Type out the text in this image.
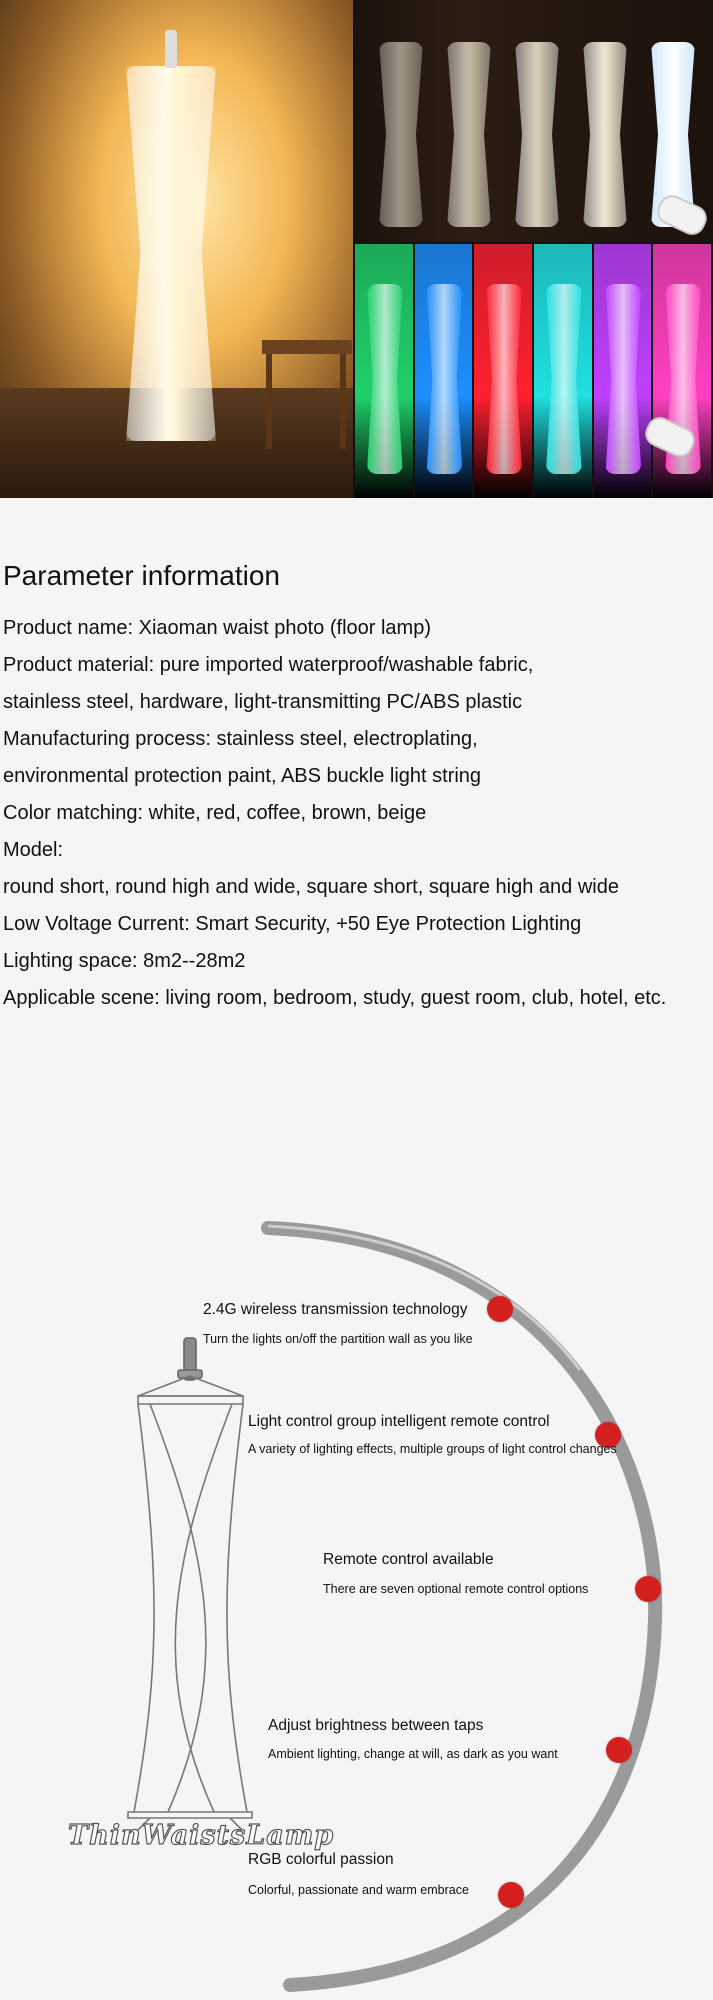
Parameter information

Product name: Xiaoman waist photo (floor lamp)

Product material: pure imported waterproof/washable fabric,

stainless steel, hardware, light-transmitting PC/ABS plastic

Manufacturing process: stainless steel, electroplating,

environmental protection paint, ABS buckle light string

Color matching: white, red, coffee, brown, beige

Model:

round short, round high and wide, square short, square high and wide

Low Voltage Current: Smart Security, +50 Eye Protection Lighting

Lighting space: 8m2--28m2

Applicable scene: living room, bedroom, study, guest room, club, hotel, etc.

2.4G wireless transmission technology
Turn the lights on/off the partition wall as you like
Light control group intelligent remote control
A variety of lighting effects, multiple groups of light control changes
Remote control available
There are seven optional remote control options
Adjust brightness between taps
Ambient lighting, change at will, as dark as you want
RGB colorful passion
Colorful, passionate and warm embrace
ThinWaistsLamp
